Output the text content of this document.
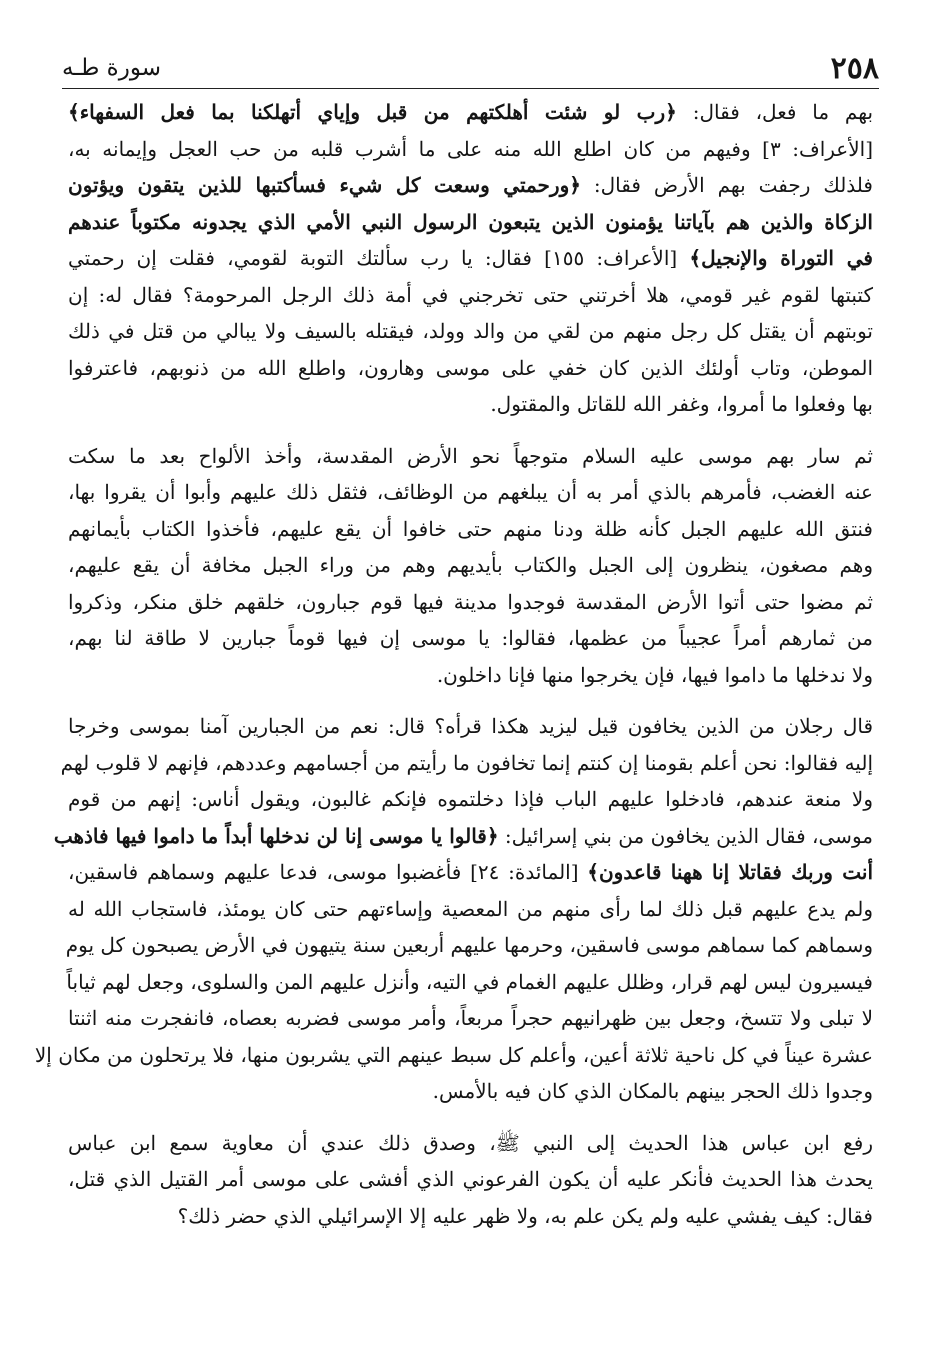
٢٥٨
سورة طـه
بهم ما فعل، فقال: ﴿رب لو شئت أهلكتهم من قبل وإياي أتهلكنا بما فعل السفهاء﴾
[الأعراف: ٣] وفيهم من كان اطلع الله منه على ما أشرب قلبه من حب العجل وإيمانه به،
فلذلك رجفت بهم الأرض فقال: ﴿ورحمتي وسعت كل شيء فسأكتبها للذين يتقون ويؤتون
الزكاة والذين هم بآياتنا يؤمنون الذين يتبعون الرسول النبي الأمي الذي يجدونه مكتوباً عندهم
في التوراة والإنجيل﴾ [الأعراف: ١٥٥] فقال: يا رب سألتك التوبة لقومي، فقلت إن رحمتي
كتبتها لقوم غير قومي، هلا أخرتني حتى تخرجني في أمة ذلك الرجل المرحومة؟ فقال له: إن
توبتهم أن يقتل كل رجل منهم من لقي من والد وولد، فيقتله بالسيف ولا يبالي من قتل في ذلك
الموطن، وتاب أولئك الذين كان خفي على موسى وهارون، واطلع الله من ذنوبهم، فاعترفوا
بها وفعلوا ما أمروا، وغفر الله للقاتل والمقتول.
ثم سار بهم موسى عليه السلام متوجهاً نحو الأرض المقدسة، وأخذ الألواح بعد ما سكت
عنه الغضب، فأمرهم بالذي أمر به أن يبلغهم من الوظائف، فثقل ذلك عليهم وأبوا أن يقروا بها،
فنتق الله عليهم الجبل كأنه ظلة ودنا منهم حتى خافوا أن يقع عليهم، فأخذوا الكتاب بأيمانهم
وهم مصغون، ينظرون إلى الجبل والكتاب بأيديهم وهم من وراء الجبل مخافة أن يقع عليهم،
ثم مضوا حتى أتوا الأرض المقدسة فوجدوا مدينة فيها قوم جبارون، خلقهم خلق منكر، وذكروا
من ثمارهم أمراً عجيباً من عظمها، فقالوا: يا موسى إن فيها قوماً جبارين لا طاقة لنا بهم،
ولا ندخلها ما داموا فيها، فإن يخرجوا منها فإنا داخلون.
قال رجلان من الذين يخافون قيل ليزيد هكذا قرأه؟ قال: نعم من الجبارين آمنا بموسى وخرجا
إليه فقالوا: نحن أعلم بقومنا إن كنتم إنما تخافون ما رأيتم من أجسامهم وعددهم، فإنهم لا قلوب لهم
ولا منعة عندهم، فادخلوا عليهم الباب فإذا دخلتموه فإنكم غالبون، ويقول أناس: إنهم من قوم
موسى، فقال الذين يخافون من بني إسرائيل: ﴿قالوا يا موسى إنا لن ندخلها أبداً ما داموا فيها فاذهب
أنت وربك فقاتلا إنا ههنا قاعدون﴾ [المائدة: ٢٤] فأغضبوا موسى، فدعا عليهم وسماهم فاسقين،
ولم يدع عليهم قبل ذلك لما رأى منهم من المعصية وإساءتهم حتى كان يومئذ، فاستجاب الله له
وسماهم كما سماهم موسى فاسقين، وحرمها عليهم أربعين سنة يتيهون في الأرض يصبحون كل يوم
فيسيرون ليس لهم قرار، وظلل عليهم الغمام في التيه، وأنزل عليهم المن والسلوى، وجعل لهم ثياباً
لا تبلى ولا تتسخ، وجعل بين ظهرانيهم حجراً مربعاً، وأمر موسى فضربه بعصاه، فانفجرت منه اثنتا
عشرة عيناً في كل ناحية ثلاثة أعين، وأعلم كل سبط عينهم التي يشربون منها، فلا يرتحلون من مكان إلا
وجدوا ذلك الحجر بينهم بالمكان الذي كان فيه بالأمس.
رفع ابن عباس هذا الحديث إلى النبي ﷺ، وصدق ذلك عندي أن معاوية سمع ابن عباس
يحدث هذا الحديث فأنكر عليه أن يكون الفرعوني الذي أفشى على موسى أمر القتيل الذي قتل،
فقال: كيف يفشي عليه ولم يكن علم به، ولا ظهر عليه إلا الإسرائيلي الذي حضر ذلك؟
